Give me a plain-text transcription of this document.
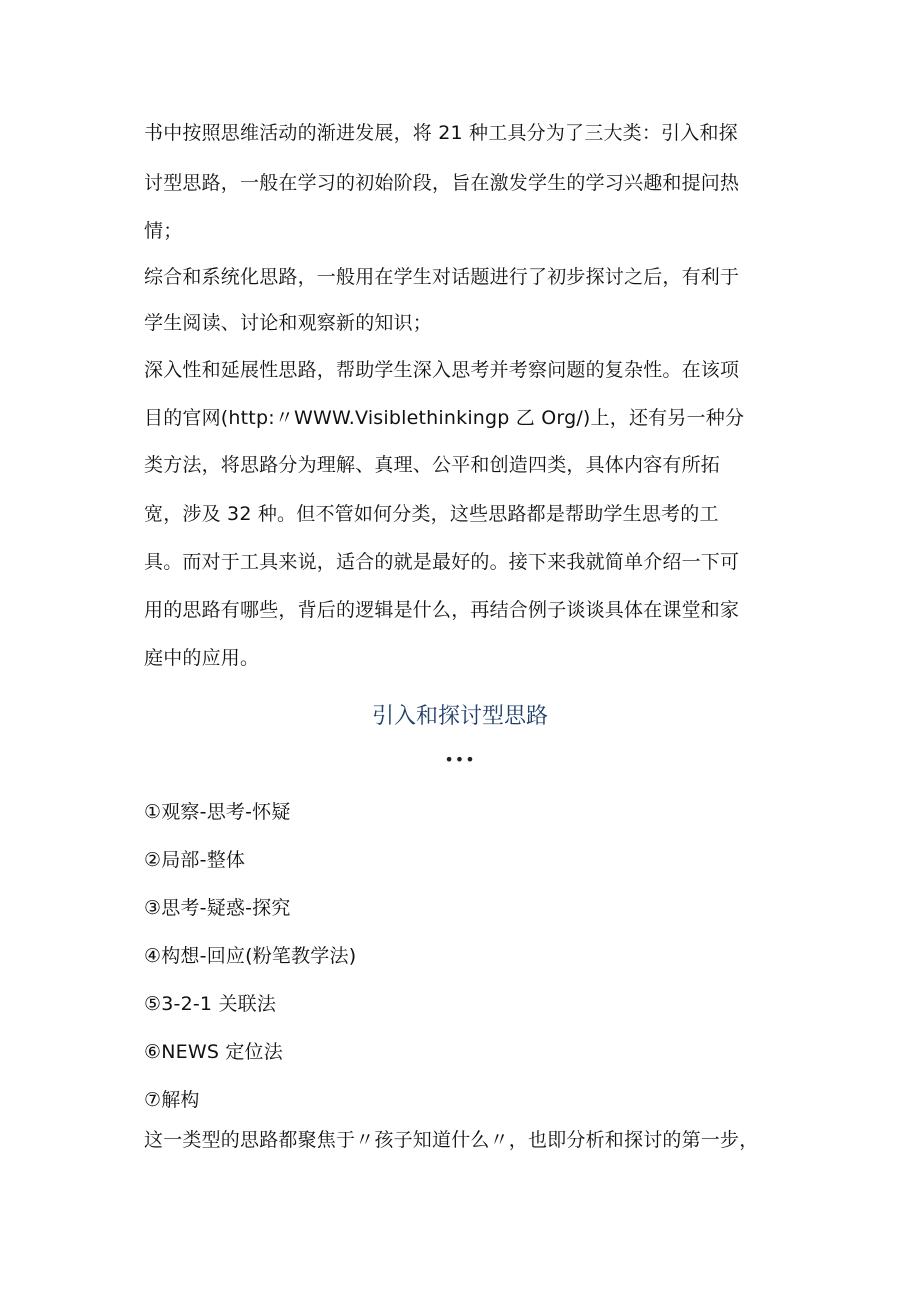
书中按照思维活动的渐进发展，将 21 种工具分为了三大类：引入和探
讨型思路，一般在学习的初始阶段，旨在激发学生的学习兴趣和提问热
情；
综合和系统化思路，一般用在学生对话题进行了初步探讨之后，有利于
学生阅读、讨论和观察新的知识；
深入性和延展性思路，帮助学生深入思考并考察问题的复杂性。在该项
目的官网(http:〃WWW.Visiblethinkingp 乙 Org/)上，还有另一种分
类方法，将思路分为理解、真理、公平和创造四类，具体内容有所拓
宽，涉及 32 种。但不管如何分类，这些思路都是帮助学生思考的工
具。而对于工具来说，适合的就是最好的。接下来我就简单介绍一下可
用的思路有哪些，背后的逻辑是什么，再结合例子谈谈具体在课堂和家
庭中的应用。
引入和探讨型思路
•••
①观察-思考-怀疑
②局部-整体
③思考-疑惑-探究
④构想-回应(粉笔教学法)
⑤3-2-1 关联法
⑥NEWS 定位法
⑦解构
这一类型的思路都聚焦于〃孩子知道什么〃，也即分析和探讨的第一步，
